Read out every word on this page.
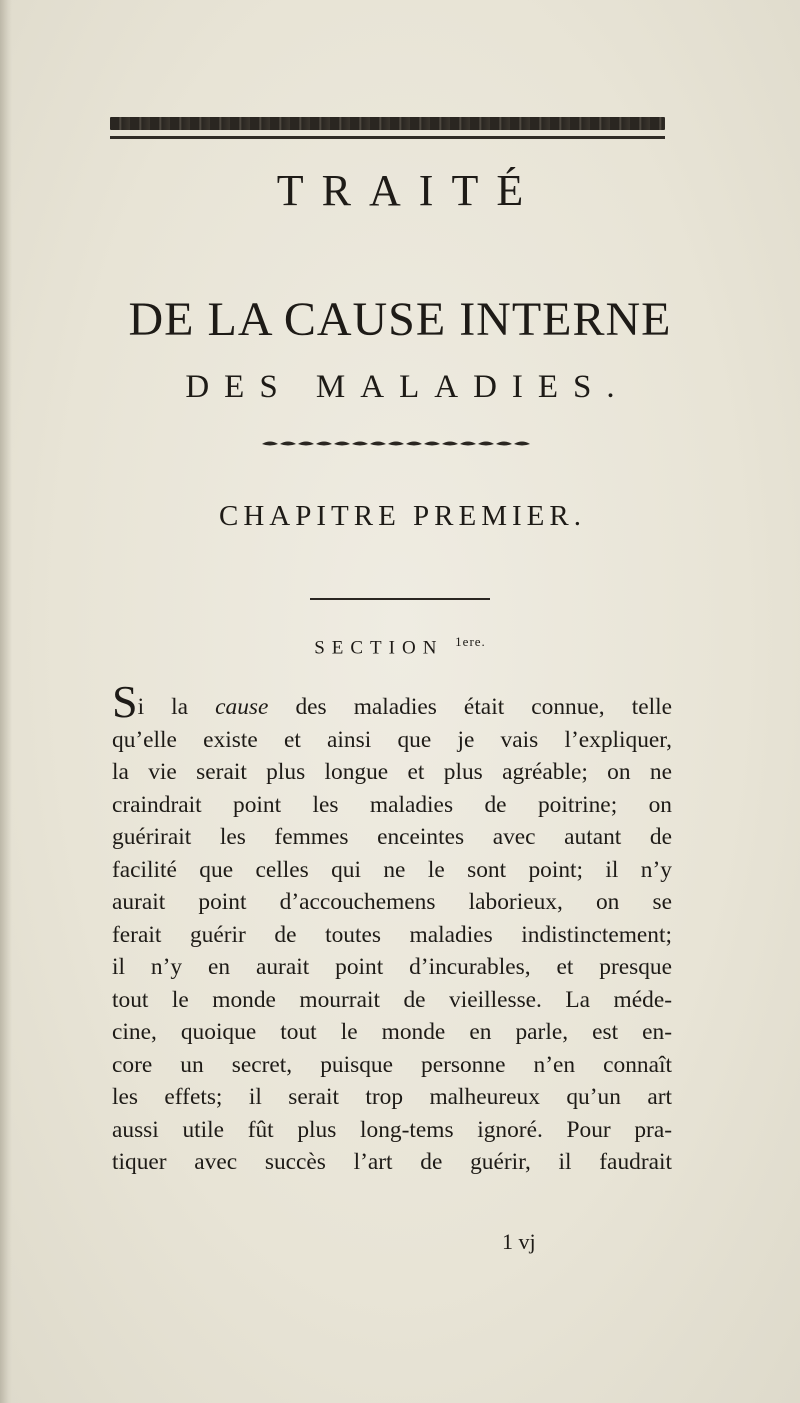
TRAITÉ
DE LA CAUSE INTERNE
DES MALADIES.
CHAPITRE PREMIER.
SECTION $^{1ere.}$
Si la cause des maladies était connue, telle
qu’elle existe et ainsi que je vais l’expliquer,
la vie serait plus longue et plus agréable; on ne
craindrait point les maladies de poitrine; on
guérirait les femmes enceintes avec autant de
facilité que celles qui ne le sont point; il n’y
aurait point d’accouchemens laborieux, on se
ferait guérir de toutes maladies indistinctement;
il n’y en aurait point d’incurables, et presque
tout le monde mourrait de vieillesse. La méde-
cine, quoique tout le monde en parle, est en-
core un secret, puisque personne n’en connaît
les effets; il serait trop malheureux qu’un art
aussi utile fût plus long-tems ignoré. Pour pra-
tiquer avec succès l’art de guérir, il faudrait
1 vj
